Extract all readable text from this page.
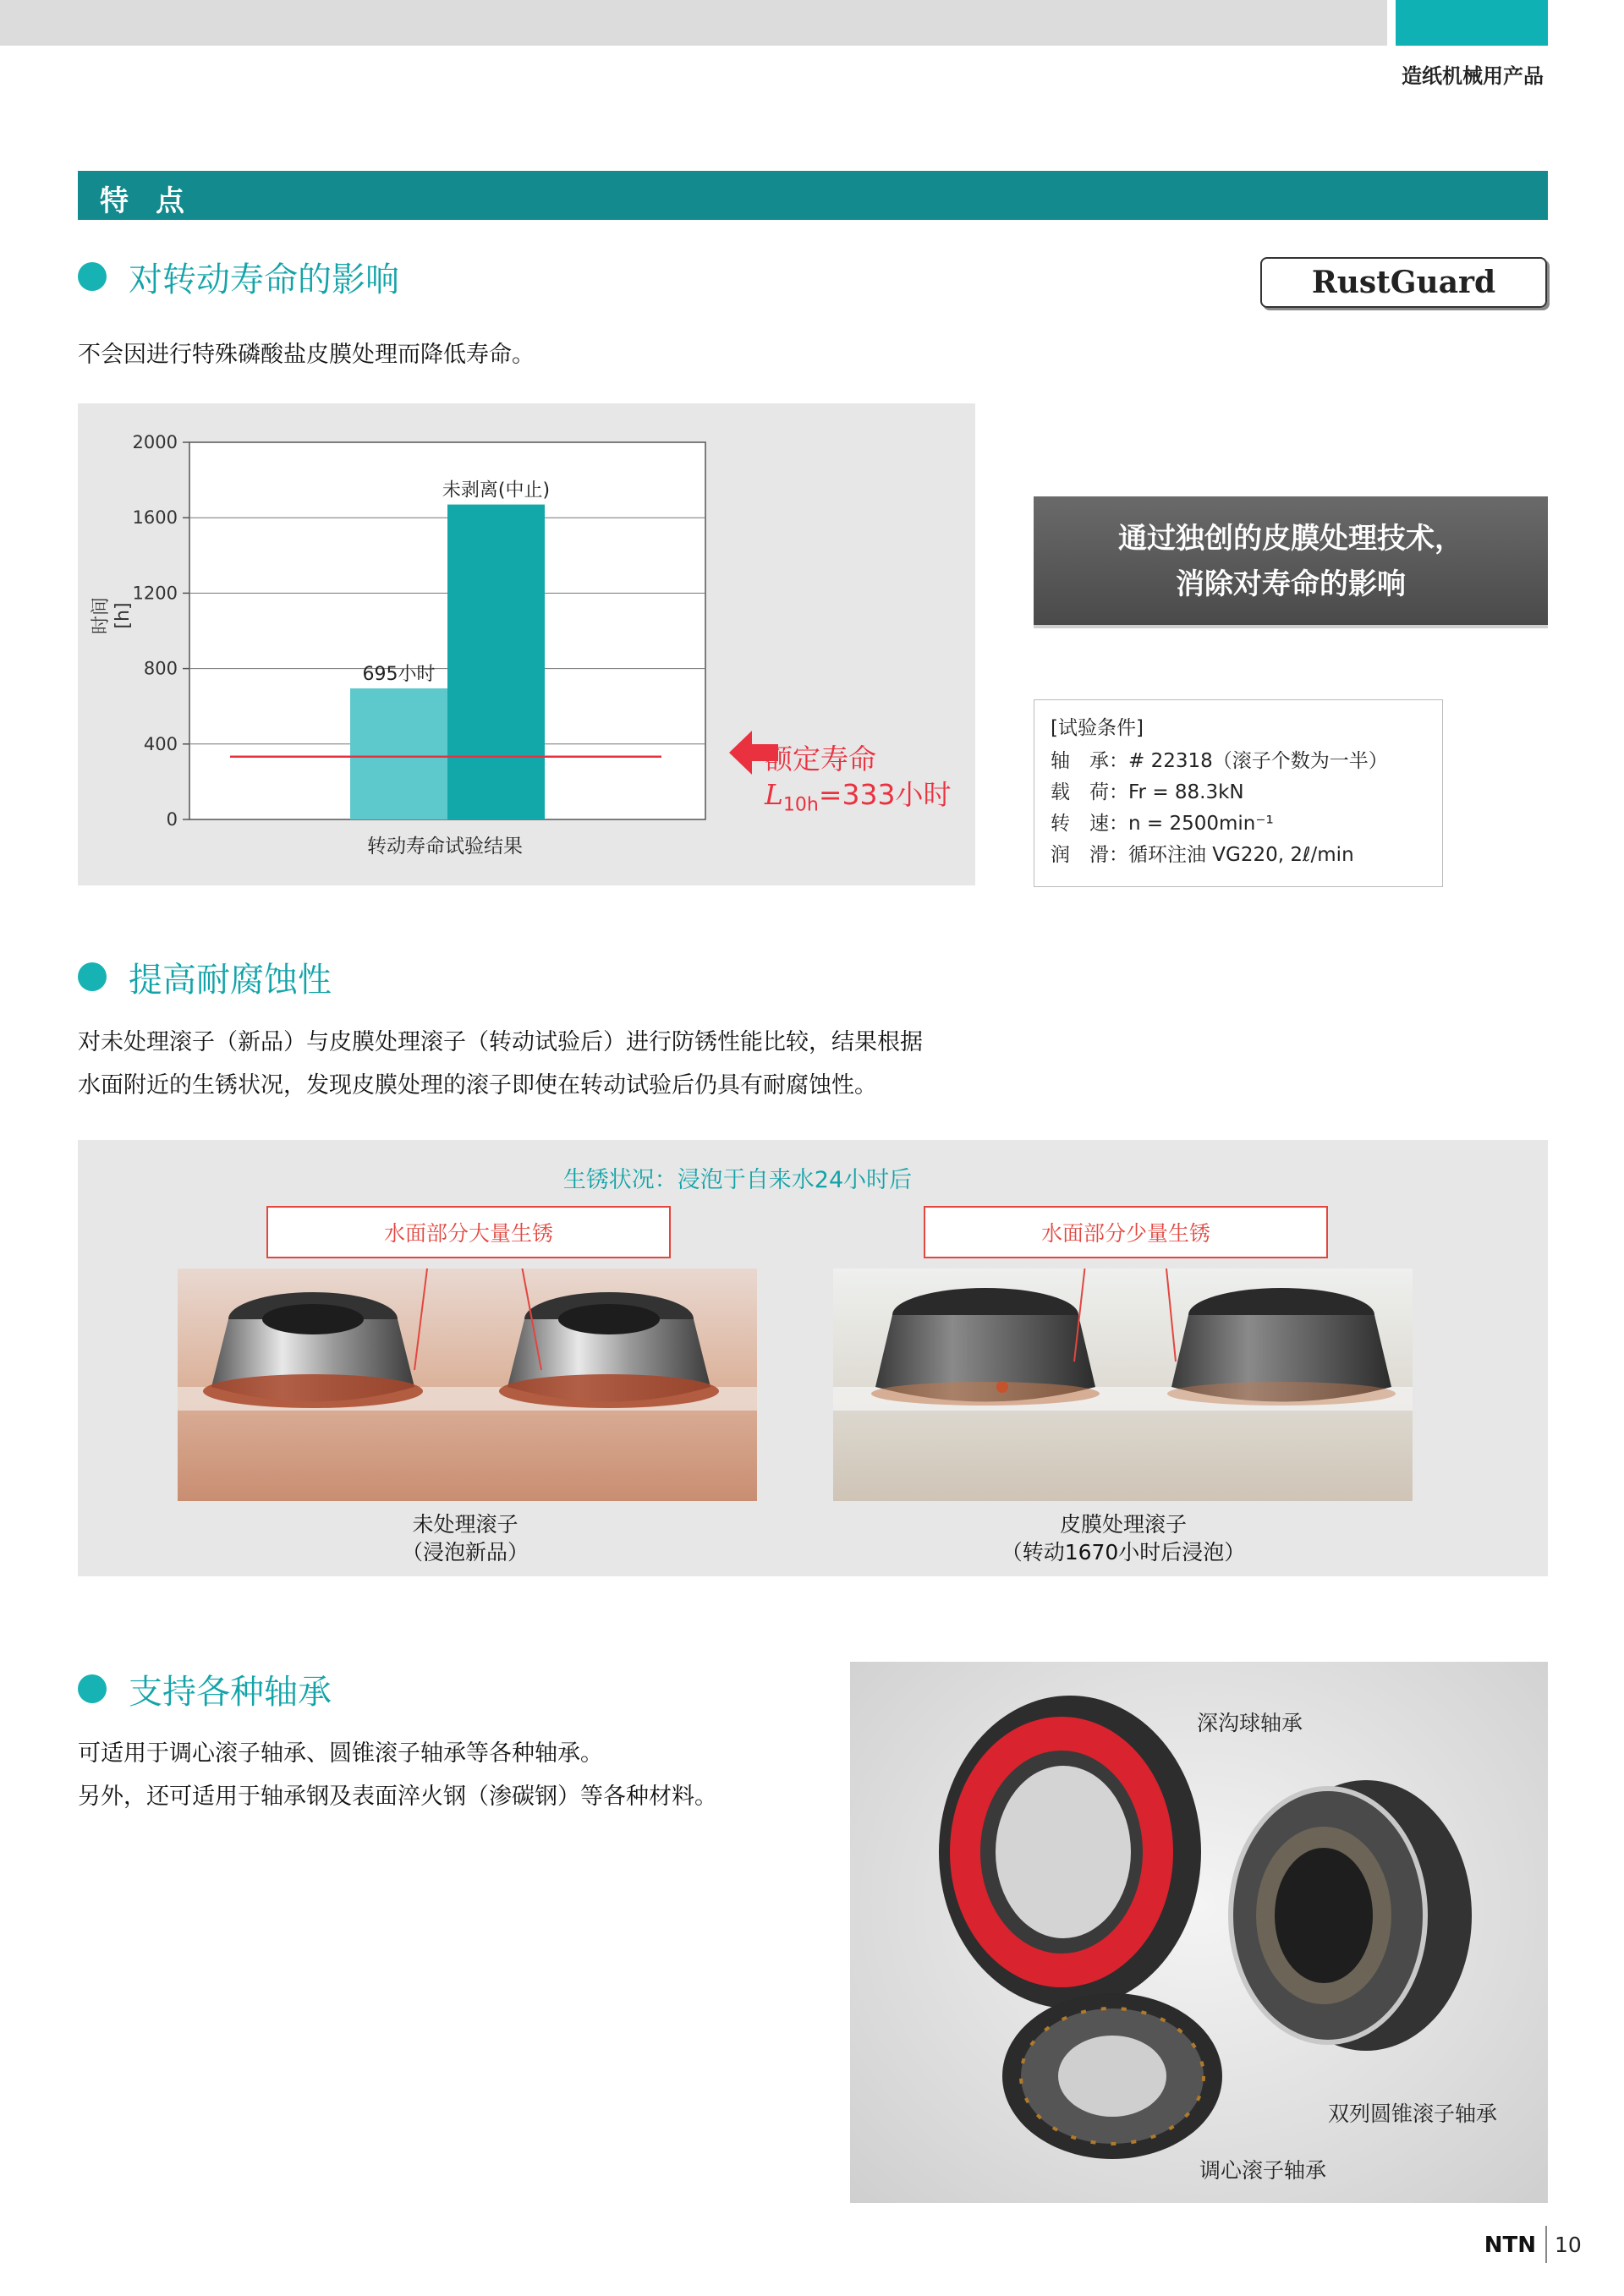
造纸机械用产品
特点
对转动寿命的影响	RustGuard
不会因进行特殊磷酸盐皮膜处理而降低寿命。
时间 [h]
0
400
800
1200
1600
2000
695小时
未剥离(中止)
转动寿命试验结果
额定寿命
$L_{10h}=333$小时
通过独创的皮膜处理技术，
消除对寿命的影响
[试验条件]
轴　承：# 22318（滚子个数为一半）
载　荷：Fr = 88.3kN
转　速：n = 2500min⁻¹
润　滑：循环注油 VG220, 2ℓ/min
提高耐腐蚀性
对未处理滚子（新品）与皮膜处理滚子（转动试验后）进行防锈性能比较，结果根据
水面附近的生锈状况，发现皮膜处理的滚子即使在转动试验后仍具有耐腐蚀性。
生锈状况：浸泡于自来水24小时后
水面部分大量生锈	水面部分少量生锈
未处理滚子
（浸泡新品）
皮膜处理滚子
（转动1670小时后浸泡）
支持各种轴承
可适用于调心滚子轴承、圆锥滚子轴承等各种轴承。
另外，还可适用于轴承钢及表面淬火钢（渗碳钢）等各种材料。
深沟球轴承
双列圆锥滚子轴承
调心滚子轴承
NTN 10
